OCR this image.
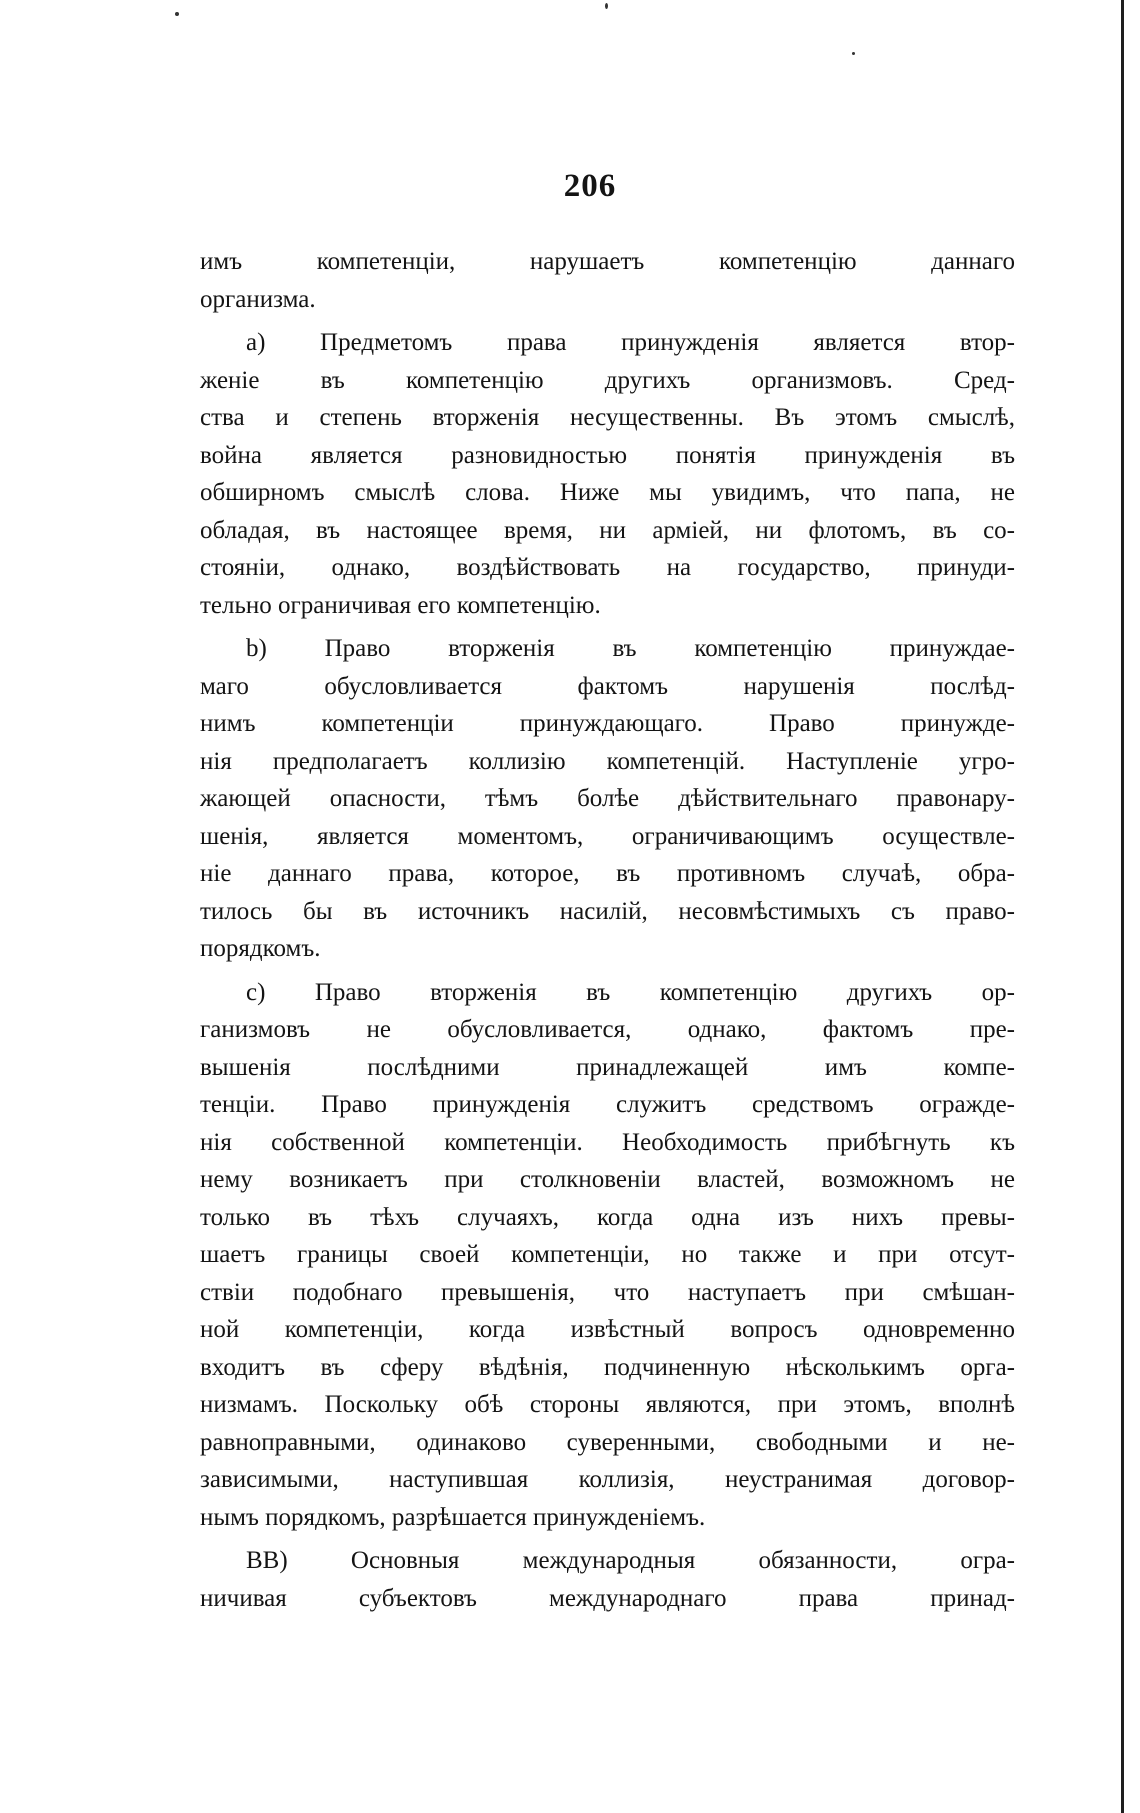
206
имъ компетенціи, нарушаетъ компетенцію даннаго
организма.
a) Предметомъ права принужденія является втор-
женіе въ компетенцію другихъ организмовъ. Сред-
ства и степень вторженія несущественны. Въ этомъ смыслѣ,
война является разновидностью понятія принужденія въ
обширномъ смыслѣ слова. Ниже мы увидимъ, что папа, не
обладая, въ настоящее время, ни арміей, ни флотомъ, въ со-
стояніи, однако, воздѣйствовать на государство, принуди-
тельно ограничивая его компетенцію.
b) Право вторженія въ компетенцію принуждае-
маго обусловливается фактомъ нарушенія послѣд-
нимъ компетенціи принуждающаго. Право принужде-
нія предполагаетъ коллизію компетенцій. Наступленіе угро-
жающей опасности, тѣмъ болѣе дѣйствительнаго правонару-
шенія, является моментомъ, ограничивающимъ осуществле-
ніе даннаго права, которое, въ противномъ случаѣ, обра-
тилось бы въ источникъ насилій, несовмѣстимыхъ съ право-
порядкомъ.
c) Право вторженія въ компетенцію другихъ ор-
ганизмовъ не обусловливается, однако, фактомъ пре-
вышенія послѣдними принадлежащей имъ компе-
тенціи. Право принужденія служитъ средствомъ огражде-
нія собственной компетенціи. Необходимость прибѣгнуть къ
нему возникаетъ при столкновеніи властей, возможномъ не
только въ тѣхъ случаяхъ, когда одна изъ нихъ превы-
шаетъ границы своей компетенціи, но также и при отсут-
ствіи подобнаго превышенія, что наступаетъ при смѣшан-
ной компетенціи, когда извѣстный вопросъ одновременно
входитъ въ сферу вѣдѣнія, подчиненную нѣсколькимъ орга-
низмамъ. Поскольку обѣ стороны являются, при этомъ, вполнѣ
равноправными, одинаково суверенными, свободными и не-
зависимыми, наступившая коллизія, неустранимая договор-
нымъ порядкомъ, разрѣшается принужденіемъ.
BB) Основныя международныя обязанности, огра-
ничивая субъектовъ международнаго права принад-
